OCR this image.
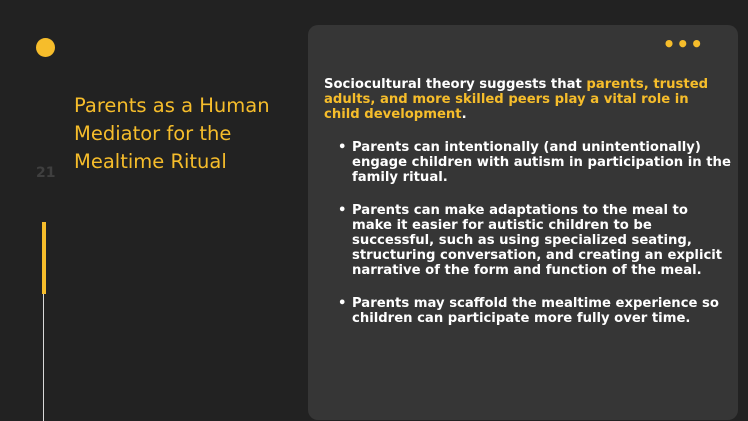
Parents as a Human Mediator for the Mealtime Ritual
21
•••

Sociocultural theory suggests that parents, trusted adults, and more skilled peers play a vital role in child development.

• Parents can intentionally (and unintentionally) engage children with autism in participation in the family ritual.
• Parents can make adaptations to the meal to make it easier for autistic children to be successful, such as using specialized seating, structuring conversation, and creating an explicit narrative of the form and function of the meal.
• Parents may scaffold the mealtime experience so children can participate more fully over time.
